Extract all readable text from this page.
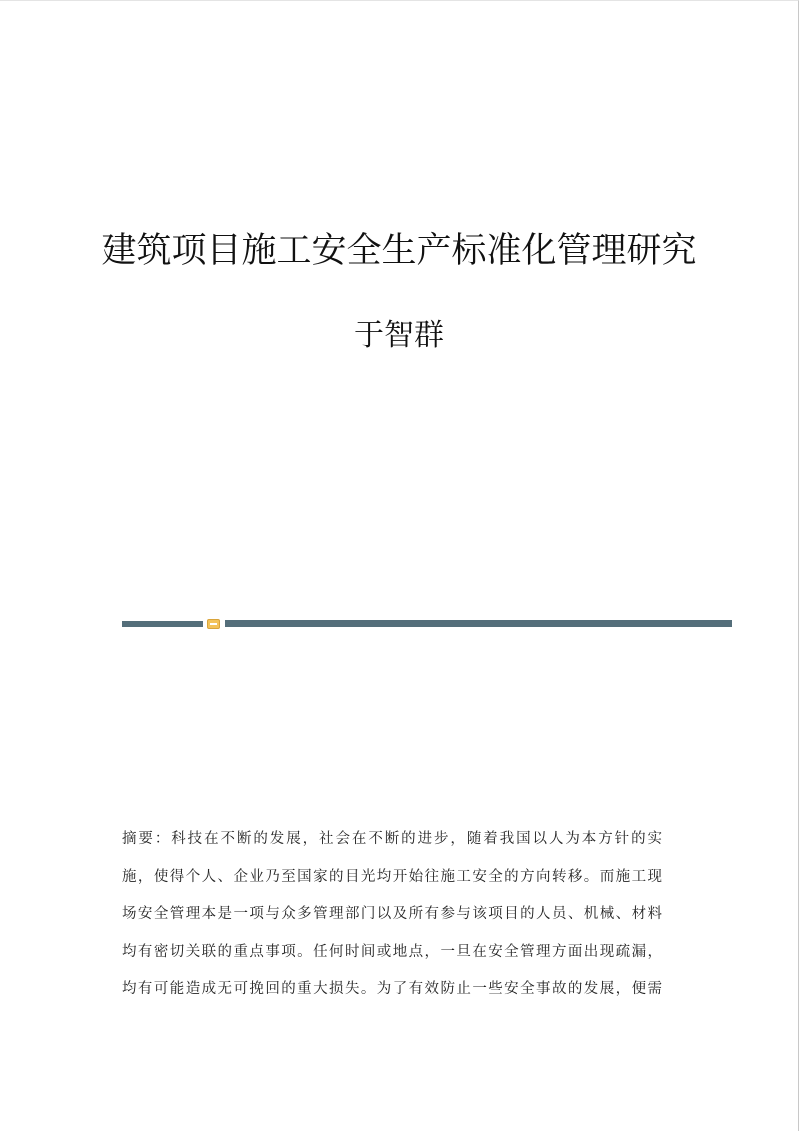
建筑项目施工安全生产标准化管理研究
于智群
摘要：科技在不断的发展，社会在不断的进步，随着我国以人为本方针的实
施，使得个人、企业乃至国家的目光均开始往施工安全的方向转移。而施工现
场安全管理本是一项与众多管理部门以及所有参与该项目的人员、机械、材料
均有密切关联的重点事项。任何时间或地点，一旦在安全管理方面出现疏漏，
均有可能造成无可挽回的重大损失。为了有效防止一些安全事故的发展，便需
